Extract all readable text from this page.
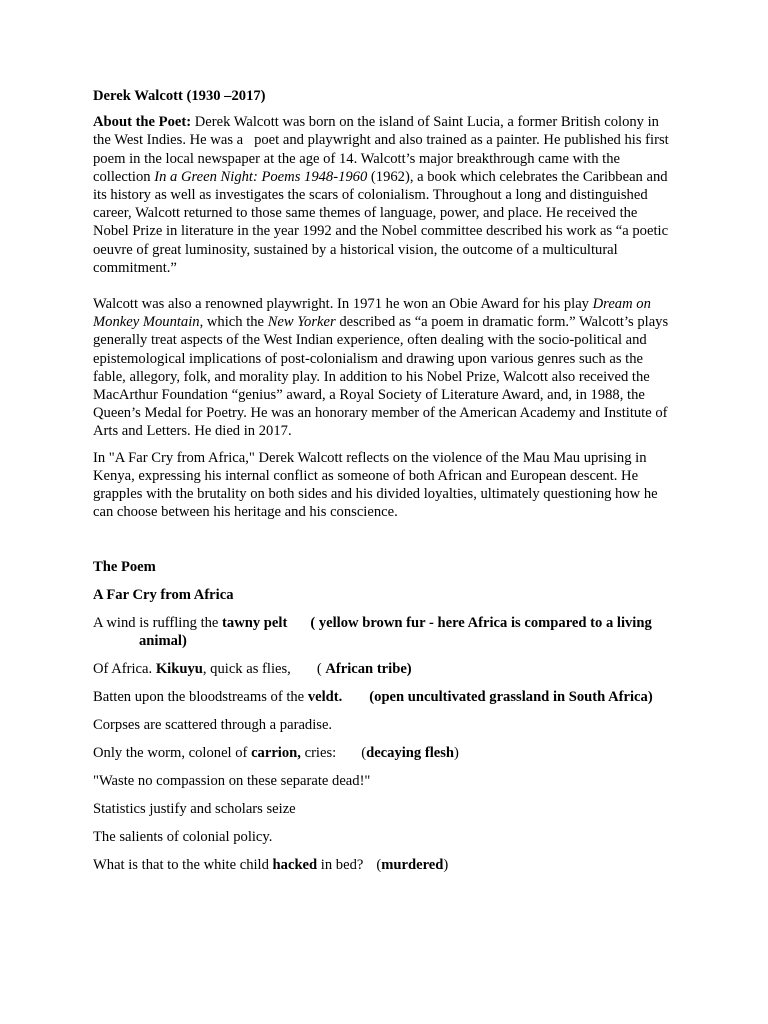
Derek Walcott (1930 –2017)

About the Poet: Derek Walcott was born on the island of Saint Lucia, a former British colony in the West Indies. He was a   poet and playwright and also trained as a painter. He published his first poem in the local newspaper at the age of 14. Walcott’s major breakthrough came with the collection In a Green Night: Poems 1948-1960 (1962), a book which celebrates the Caribbean and its history as well as investigates the scars of colonialism. Throughout a long and distinguished career, Walcott returned to those same themes of language, power, and place. He received the Nobel Prize in literature in the year 1992 and the Nobel committee described his work as “a poetic oeuvre of great luminosity, sustained by a historical vision, the outcome of a multicultural commitment.”

Walcott was also a renowned playwright. In 1971 he won an Obie Award for his play Dream on Monkey Mountain, which the New Yorker described as “a poem in dramatic form.” Walcott’s plays generally treat aspects of the West Indian experience, often dealing with the socio-political and epistemological implications of post-colonialism and drawing upon various genres such as the fable, allegory, folk, and morality play. In addition to his Nobel Prize, Walcott also received the MacArthur Foundation “genius” award, a Royal Society of Literature Award, and, in 1988, the Queen’s Medal for Poetry. He was an honorary member of the American Academy and Institute of Arts and Letters. He died in 2017.

In "A Far Cry from Africa," Derek Walcott reflects on the violence of the Mau Mau uprising in Kenya, expressing his internal conflict as someone of both African and European descent. He grapples with the brutality on both sides and his divided loyalties, ultimately questioning how he can choose between his heritage and his conscience.

The Poem

A Far Cry from Africa

A wind is ruffling the tawny pelt ( yellow brown fur - here Africa is compared to a living animal)

Of Africa. Kikuyu, quick as flies, ( African tribe)

Batten upon the bloodstreams of the veldt. (open uncultivated grassland in South Africa)

Corpses are scattered through a paradise.

Only the worm, colonel of carrion, cries: (decaying flesh)

"Waste no compassion on these separate dead!"

Statistics justify and scholars seize

The salients of colonial policy.

What is that to the white child hacked in bed? (murdered)
